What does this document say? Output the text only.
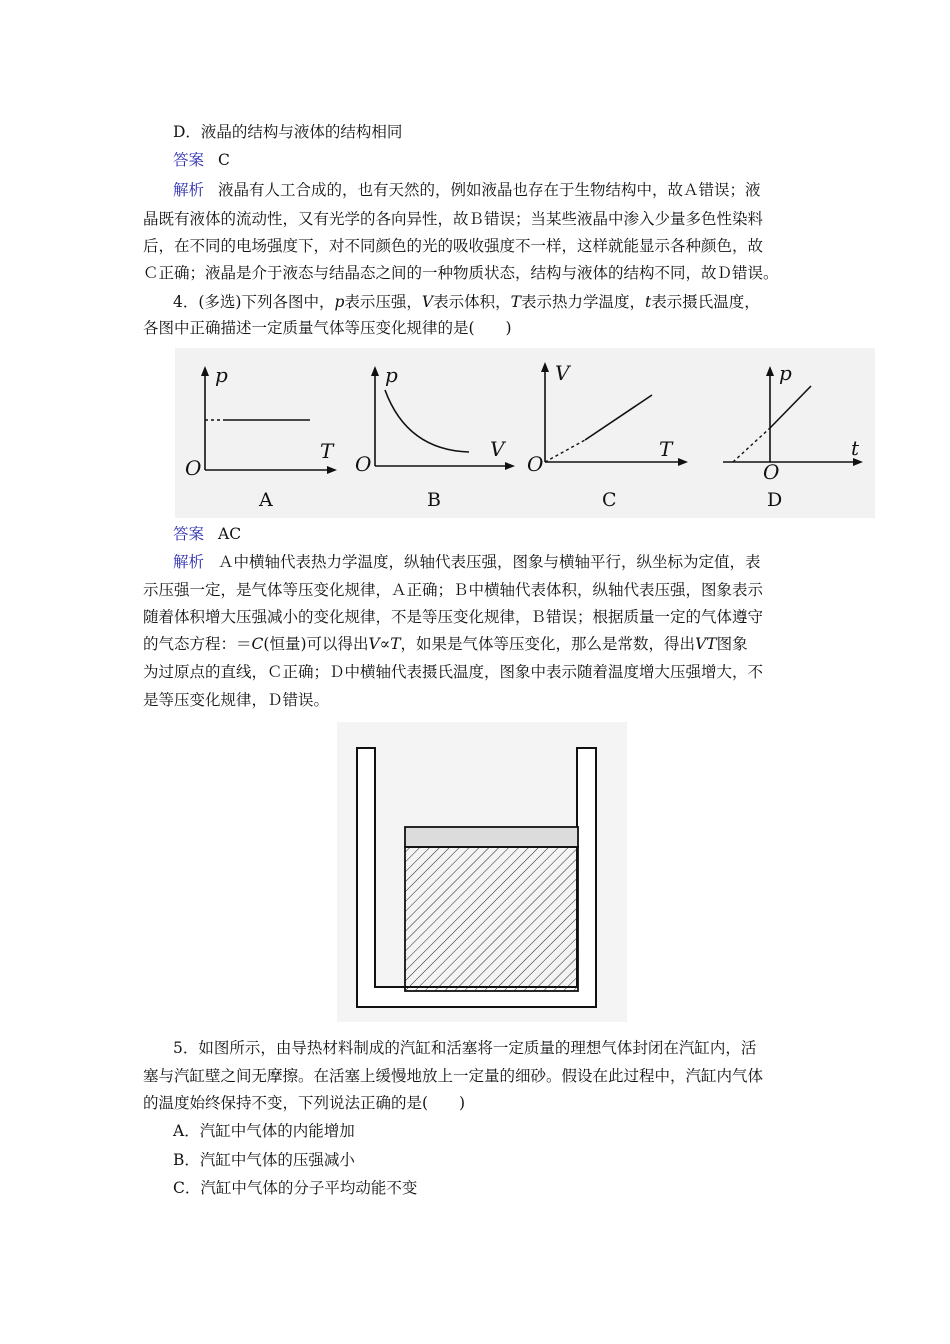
D．液晶的结构与液体的结构相同
答案 C
解析 液晶有人工合成的，也有天然的，例如液晶也存在于生物结构中，故Ａ错误；液
晶既有液体的流动性，又有光学的各向异性，故Ｂ错误；当某些液晶中渗入少量多色性染料
后，在不同的电场强度下，对不同颜色的光的吸收强度不一样，这样就能显示各种颜色，故
Ｃ正确；液晶是介于液态与结晶态之间的一种物质状态，结构与液体的结构不同，故Ｄ错误。
4．(多选)下列各图中，p表示压强，V表示体积，T表示热力学温度，t表示摄氏温度，
各图中正确描述一定质量气体等压变化规律的是(　　)
p
T
O
A
p
V
O
B
V
T
O
C
p
t
O
D
答案 AC
解析 Ａ中横轴代表热力学温度，纵轴代表压强，图象与横轴平行，纵坐标为定值，表
示压强一定，是气体等压变化规律，Ａ正确；Ｂ中横轴代表体积，纵轴代表压强，图象表示
随着体积增大压强减小的变化规律，不是等压变化规律，Ｂ错误；根据质量一定的气体遵守
的气态方程：＝C(恒量)可以得出V∝T，如果是气体等压变化，那么是常数，得出VT图象
为过原点的直线，Ｃ正确；Ｄ中横轴代表摄氏温度，图象中表示随着温度增大压强增大，不
是等压变化规律，Ｄ错误。
5．如图所示，由导热材料制成的汽缸和活塞将一定质量的理想气体封闭在汽缸内，活
塞与汽缸壁之间无摩擦。在活塞上缓慢地放上一定量的细砂。假设在此过程中，汽缸内气体
的温度始终保持不变，下列说法正确的是(　　)
A．汽缸中气体的内能增加
B．汽缸中气体的压强减小
C．汽缸中气体的分子平均动能不变
